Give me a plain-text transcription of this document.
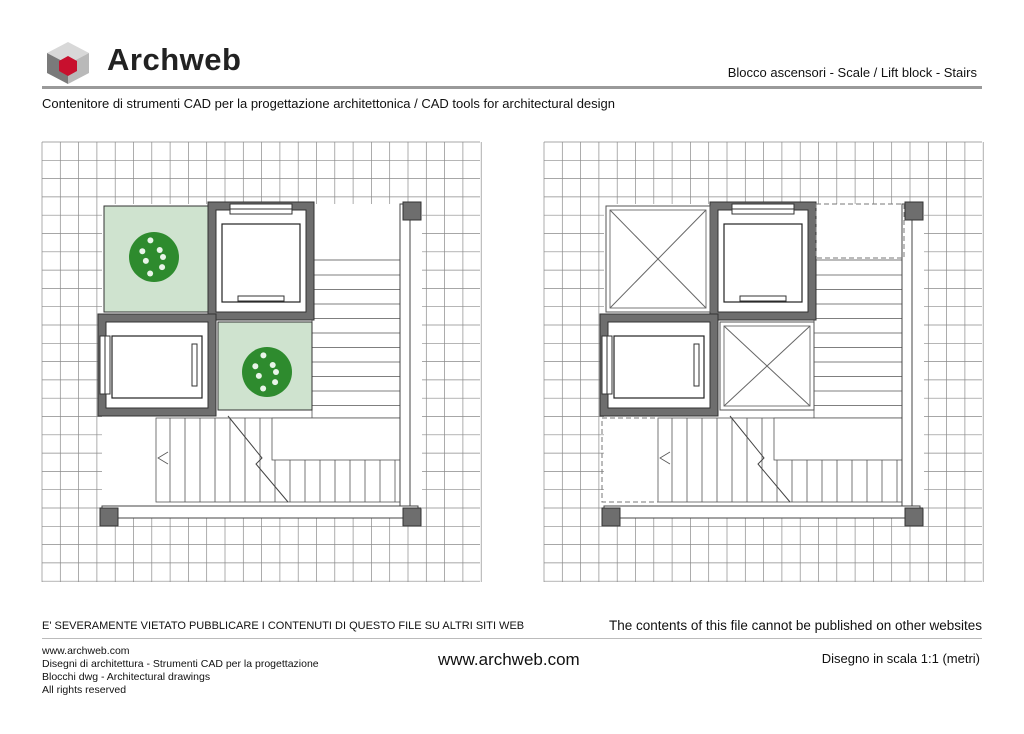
Archweb	Blocco ascensori - Scale / Lift block - Stairs
Contenitore di strumenti CAD per la progettazione architettonica / CAD tools for architectural design
E' SEVERAMENTE VIETATO PUBBLICARE I CONTENUTI DI QUESTO FILE SU ALTRI SITI WEB	The contents of this file cannot be published on other websites
www.archweb.com
Disegni di architettura - Strumenti CAD per la progettazione
Blocchi dwg - Architectural drawings
All rights reserved
www.archweb.com	Disegno in scala 1:1 (metri)
